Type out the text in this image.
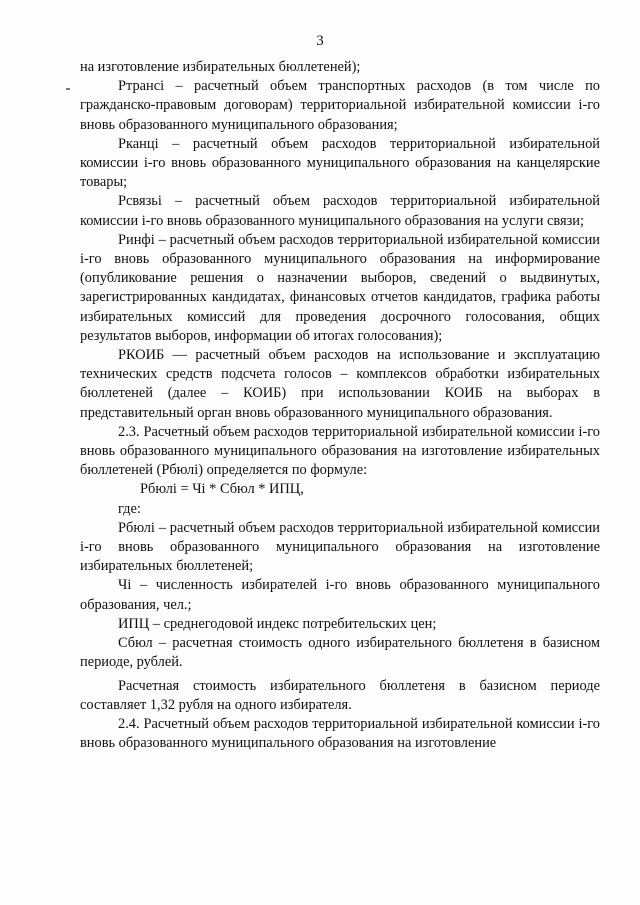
3

на изготовление избирательных бюллетеней);

Ртрансi – расчетный объем транспортных расходов (в том числе по гражданско-правовым договорам) территориальной избирательной комиссии i-го вновь образованного муниципального образования;

Рканцi – расчетный объем расходов территориальной избирательной комиссии i-го вновь образованного муниципального образования на канцелярские товары;

Рсвязьi – расчетный объем расходов территориальной избирательной комиссии i-го вновь образованного муниципального образования на услуги связи;

Ринфi – расчетный объем расходов территориальной избирательной комиссии i-го вновь образованного муниципального образования на информирование (опубликование решения о назначении выборов, сведений о выдвинутых, зарегистрированных кандидатах, финансовых отчетов кандидатов, графика работы избирательных комиссий для проведения досрочного голосования, общих результатов выборов, информации об итогах голосования);

РКОИБ — расчетный объем расходов на использование и эксплуатацию технических средств подсчета голосов – комплексов обработки избирательных бюллетеней (далее – КОИБ) при использовании КОИБ на выборах в представительный орган вновь образованного муниципального образования.

2.3. Расчетный объем расходов территориальной избирательной комиссии i-го вновь образованного муниципального образования на изготовление избирательных бюллетеней (Рбюлi) определяется по формуле:

Рбюлi = Чi * Сбюл * ИПЦ,

где:

Рбюлi – расчетный объем расходов территориальной избирательной комиссии i-го вновь образованного муниципального образования на изготовление избирательных бюллетеней;

Чi – численность избирателей i-го вновь образованного муниципального образования, чел.;

ИПЦ – среднегодовой индекс потребительских цен;

Сбюл – расчетная стоимость одного избирательного бюллетеня в базисном периоде, рублей.

Расчетная стоимость избирательного бюллетеня в базисном периоде составляет 1,32 рубля на одного избирателя.

2.4. Расчетный объем расходов территориальной избирательной комиссии i-го вновь образованного муниципального образования на изготовление
